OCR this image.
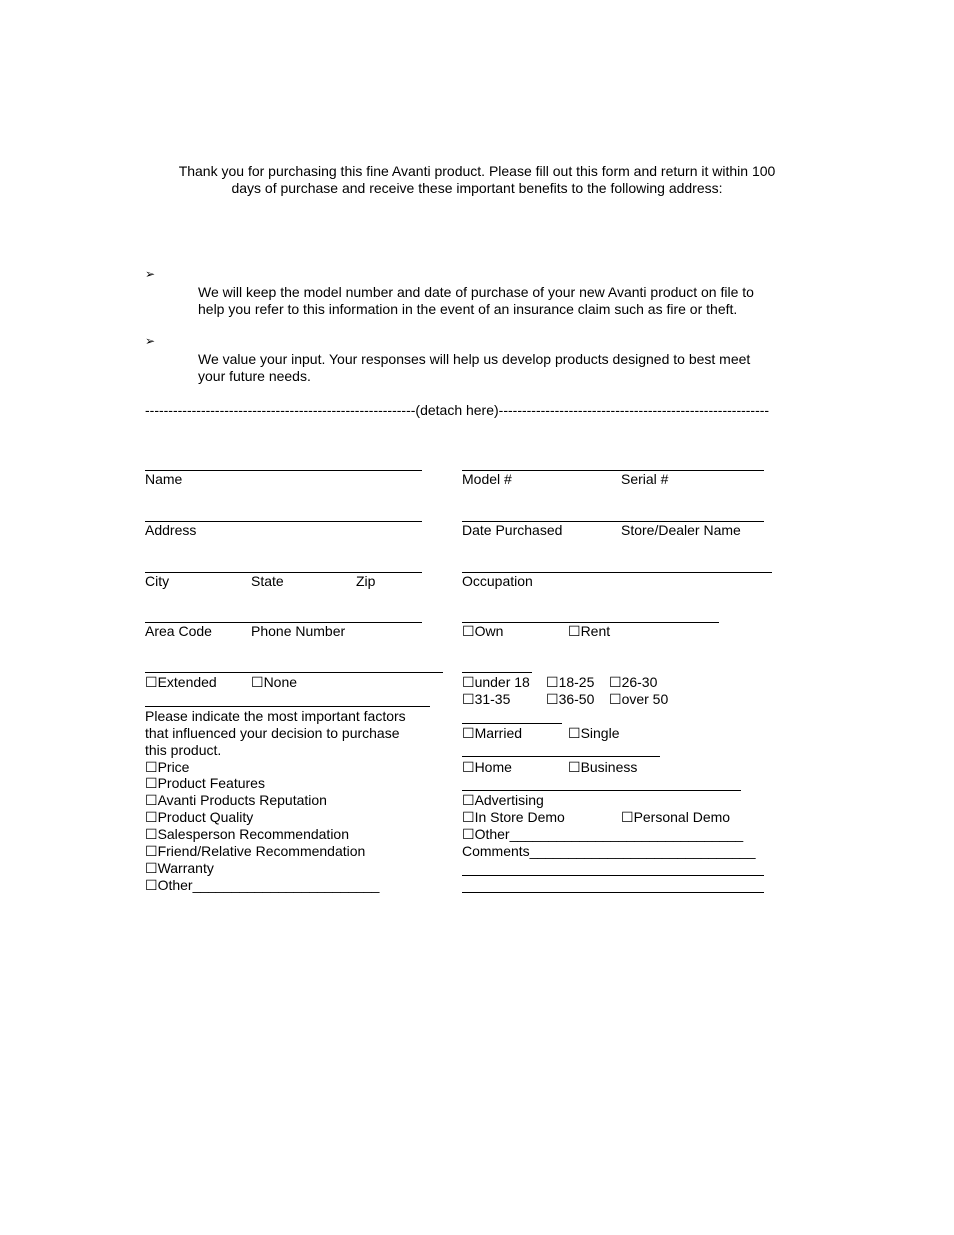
Thank you for purchasing this fine Avanti product. Please fill out this form and return it within 100
days of purchase and receive these important benefits to the following address:
➢
We will keep the model number and date of purchase of your new Avanti product on file to
help you refer to this information in the event of an insurance claim such as fire or theft.
➢
We value your input. Your responses will help us develop products designed to best meet
your future needs.
----------------------------------------------------------(detach here)----------------------------------------------------------
Name
Address
City	State	Zip
Area Code	Phone Number
☐Extended ☐None
Please indicate the most important factors
that influenced your decision to purchase
this product.
☐Price
☐Product Features
☐Avanti Products Reputation
☐Product Quality
☐Salesperson Recommendation
☐Friend/Relative Recommendation
☐Warranty
☐Other________________________
Model #	Serial #
Date Purchased	Store/Dealer Name
Occupation
☐Own	☐Rent
☐under 18 ☐18-25 ☐26-30
☐31-35	☐36-50 ☐over 50
☐Married	☐Single
☐Home	☐Business
☐Advertising
☐In Store Demo	☐Personal Demo
☐Other______________________________
Comments_____________________________
